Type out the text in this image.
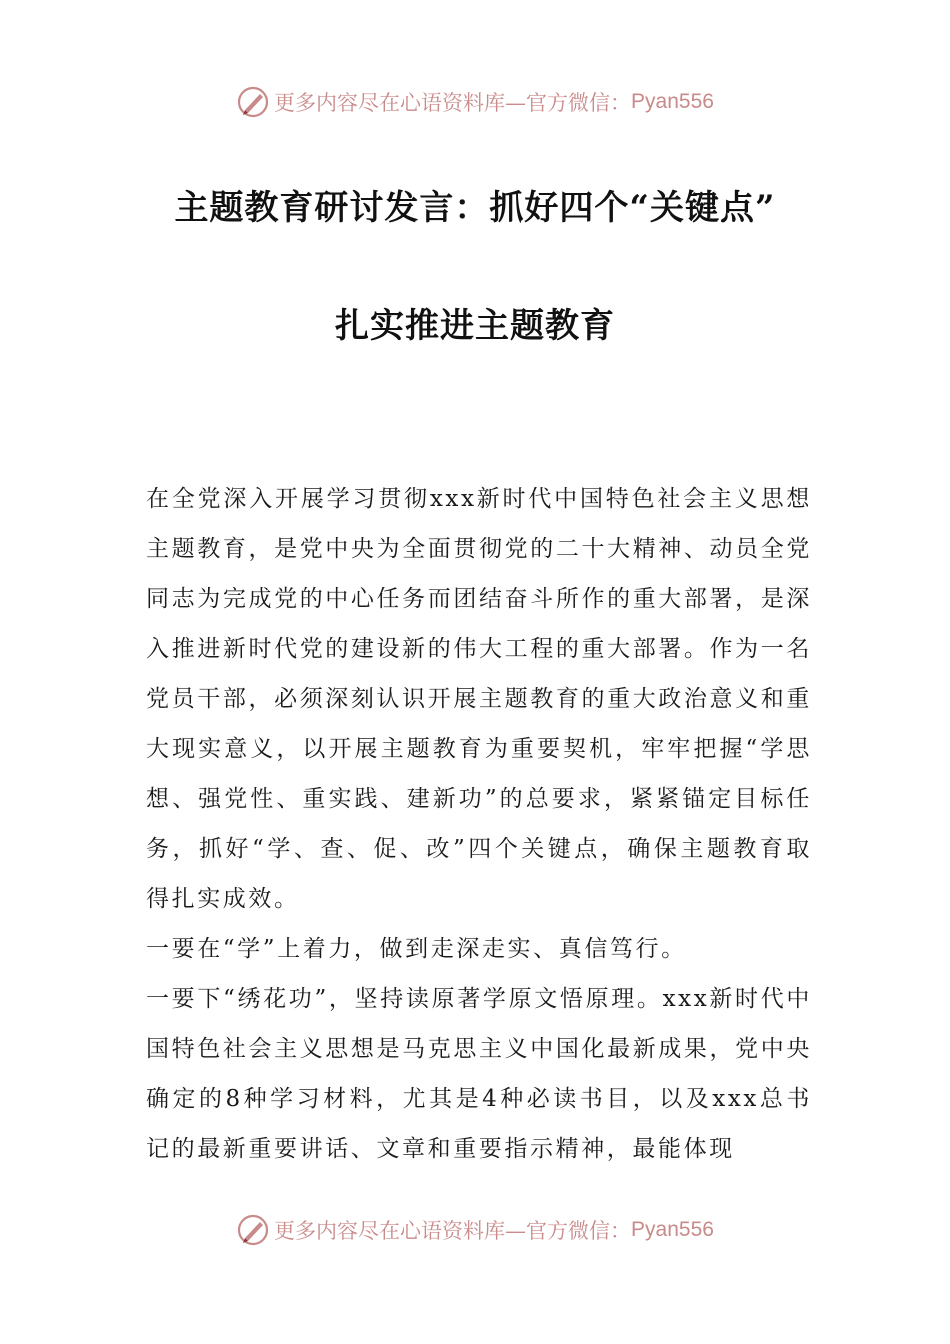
更多内容尽在心语资料库—官方微信： Pyan556
主题教育研讨发言：抓好四个“关键点”
扎实推进主题教育

在全党深入开展学习贯彻xxx新时代中国特色社会主义思想主题教育，是党中央为全面贯彻党的二十大精神、动员全党同志为完成党的中心任务而团结奋斗所作的重大部署，是深入推进新时代党的建设新的伟大工程的重大部署。作为一名党员干部，必须深刻认识开展主题教育的重大政治意义和重大现实意义，以开展主题教育为重要契机，牢牢把握“学思想、强党性、重实践、建新功”的总要求，紧紧锚定目标任务，抓好“学、查、促、改”四个关键点，确保主题教育取得扎实成效。

一要在“学”上着力，做到走深走实、真信笃行。

一要下“绣花功”，坚持读原著学原文悟原理。xxx新时代中国特色社会主义思想是马克思主义中国化最新成果，党中央确定的8种学习材料，尤其是4种必读书目，以及xxx总书记的最新重要讲话、文章和重要指示精神，最能体现

更多内容尽在心语资料库—官方微信： Pyan556
